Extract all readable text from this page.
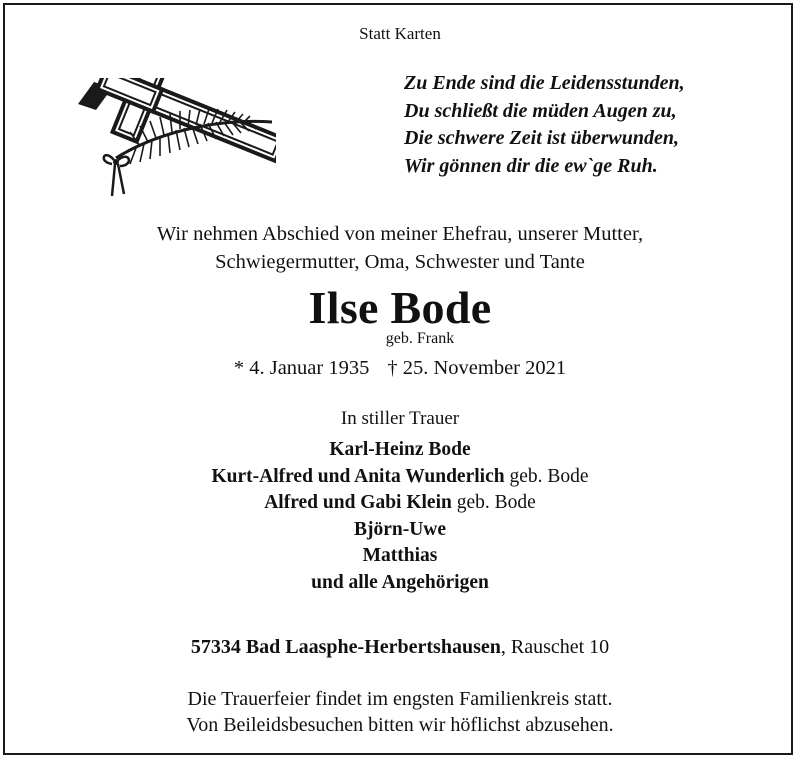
Statt Karten
Zu Ende sind die Leidensstunden,
Du schließt die müden Augen zu,
Die schwere Zeit ist überwunden,
Wir gönnen dir die ew`ge Ruh.
Wir nehmen Abschied von meiner Ehefrau, unserer Mutter,
Schwiegermutter, Oma, Schwester und Tante
Ilse Bode
geb. Frank
* 4. Januar 1935 † 25. November 2021
In stiller Trauer
Karl-Heinz Bode
Kurt-Alfred und Anita Wunderlich geb. Bode
Alfred und Gabi Klein geb. Bode
Björn-Uwe
Matthias
und alle Angehörigen
57334 Bad Laasphe-Herbertshausen, Rauschet 10
Die Trauerfeier findet im engsten Familienkreis statt.
Von Beileidsbesuchen bitten wir höflichst abzusehen.
